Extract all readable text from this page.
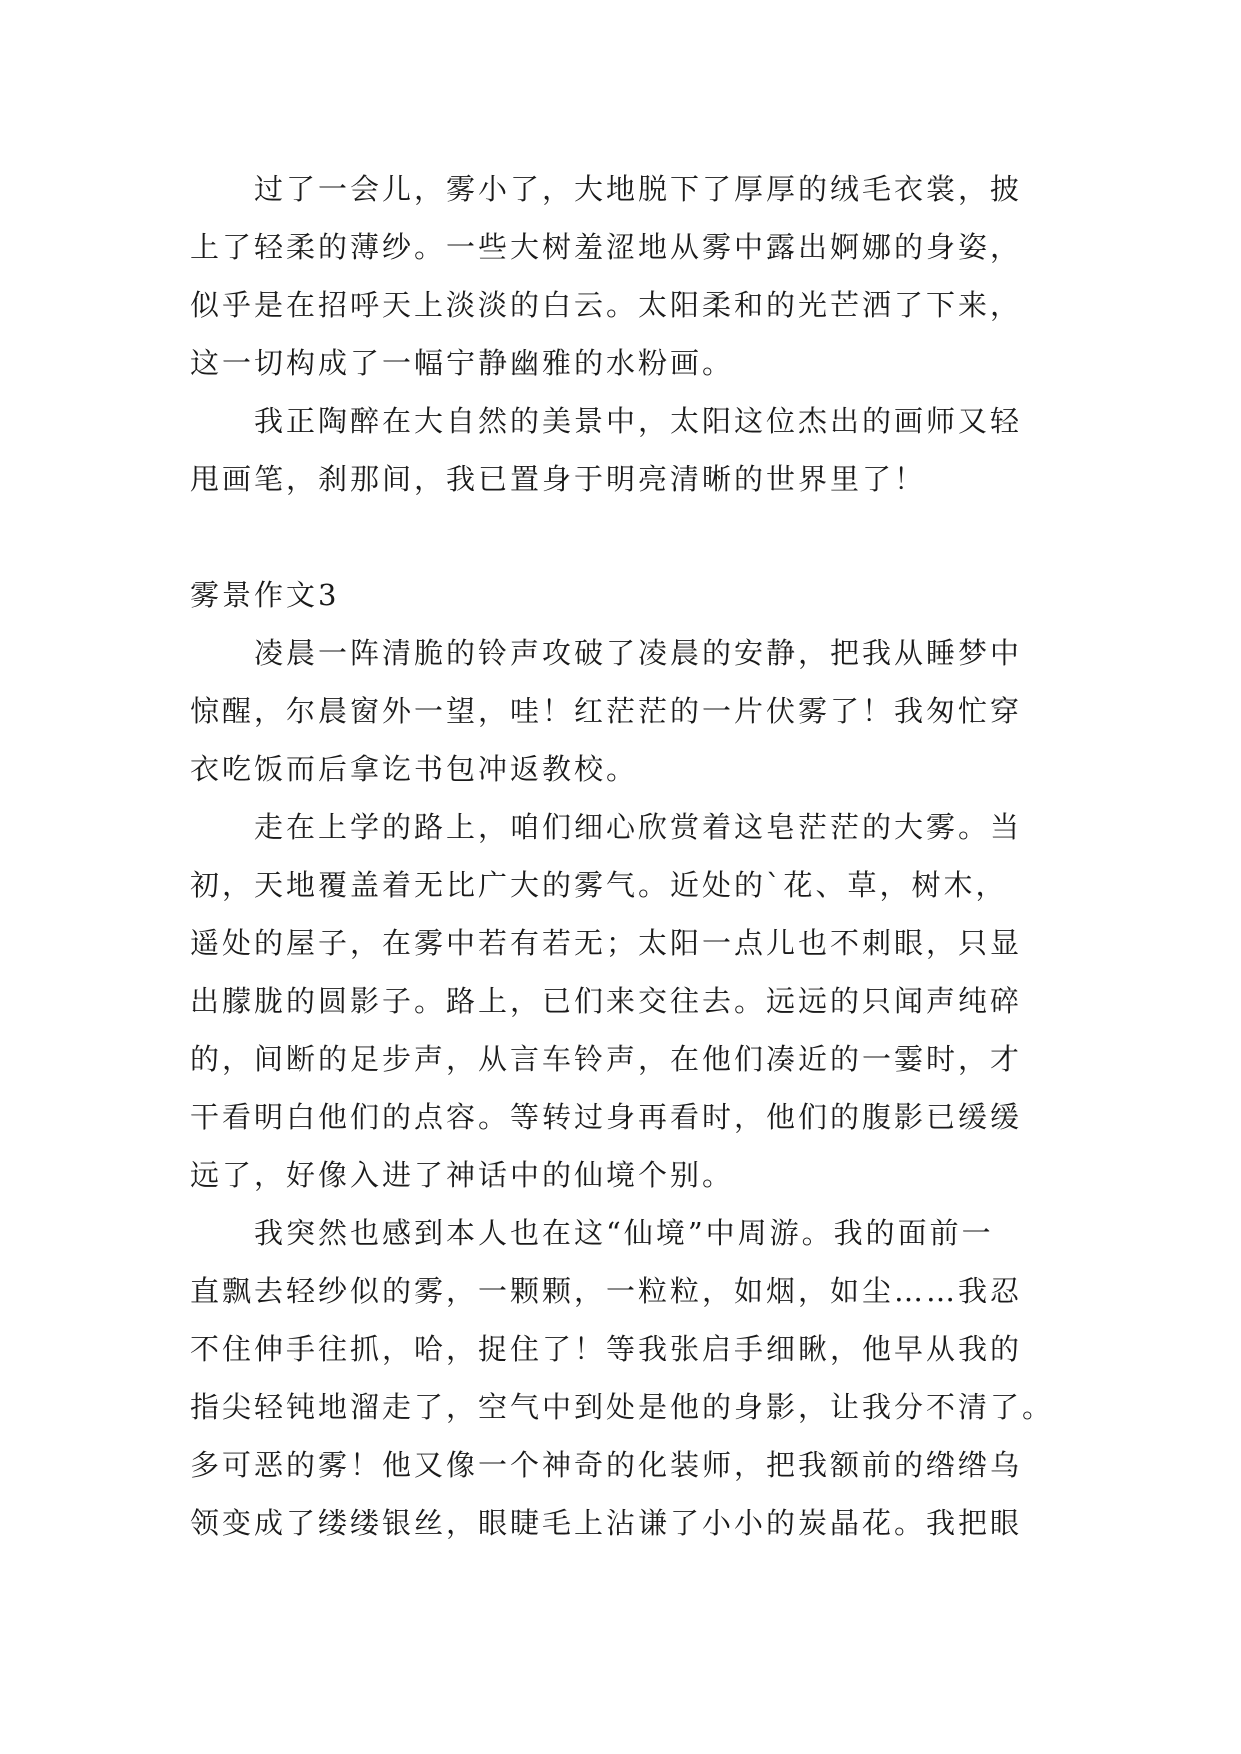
过了一会儿，雾小了，大地脱下了厚厚的绒毛衣裳，披
上了轻柔的薄纱。一些大树羞涩地从雾中露出婀娜的身姿，
似乎是在招呼天上淡淡的白云。太阳柔和的光芒洒了下来，
这一切构成了一幅宁静幽雅的水粉画。
我正陶醉在大自然的美景中，太阳这位杰出的画师又轻
甩画笔，刹那间，我已置身于明亮清晰的世界里了！
雾景作文3
凌晨一阵清脆的铃声攻破了凌晨的安静，把我从睡梦中
惊醒，尔晨窗外一望，哇！红茫茫的一片伏雾了！我匆忙穿
衣吃饭而后拿讫书包冲返教校。
走在上学的路上，咱们细心欣赏着这皂茫茫的大雾。当
初，天地覆盖着无比广大的雾气。近处的`花、草，树木，
遥处的屋子，在雾中若有若无；太阳一点儿也不刺眼，只显
出朦胧的圆影子。路上，已们来交往去。远远的只闻声纯碎
的，间断的足步声，从言车铃声，在他们凑近的一霎时，才
干看明白他们的点容。等转过身再看时，他们的腹影已缓缓
远了，好像入进了神话中的仙境个别。
我突然也感到本人也在这“仙境”中周游。我的面前一
直飘去轻纱似的雾，一颗颗，一粒粒，如烟，如尘……我忍
不住伸手往抓，哈，捉住了！等我张启手细瞅，他早从我的
指尖轻钝地溜走了，空气中到处是他的身影，让我分不清了。
多可恶的雾！他又像一个神奇的化装师，把我额前的绺绺乌
领变成了缕缕银丝，眼睫毛上沾谦了小小的炭晶花。我把眼
